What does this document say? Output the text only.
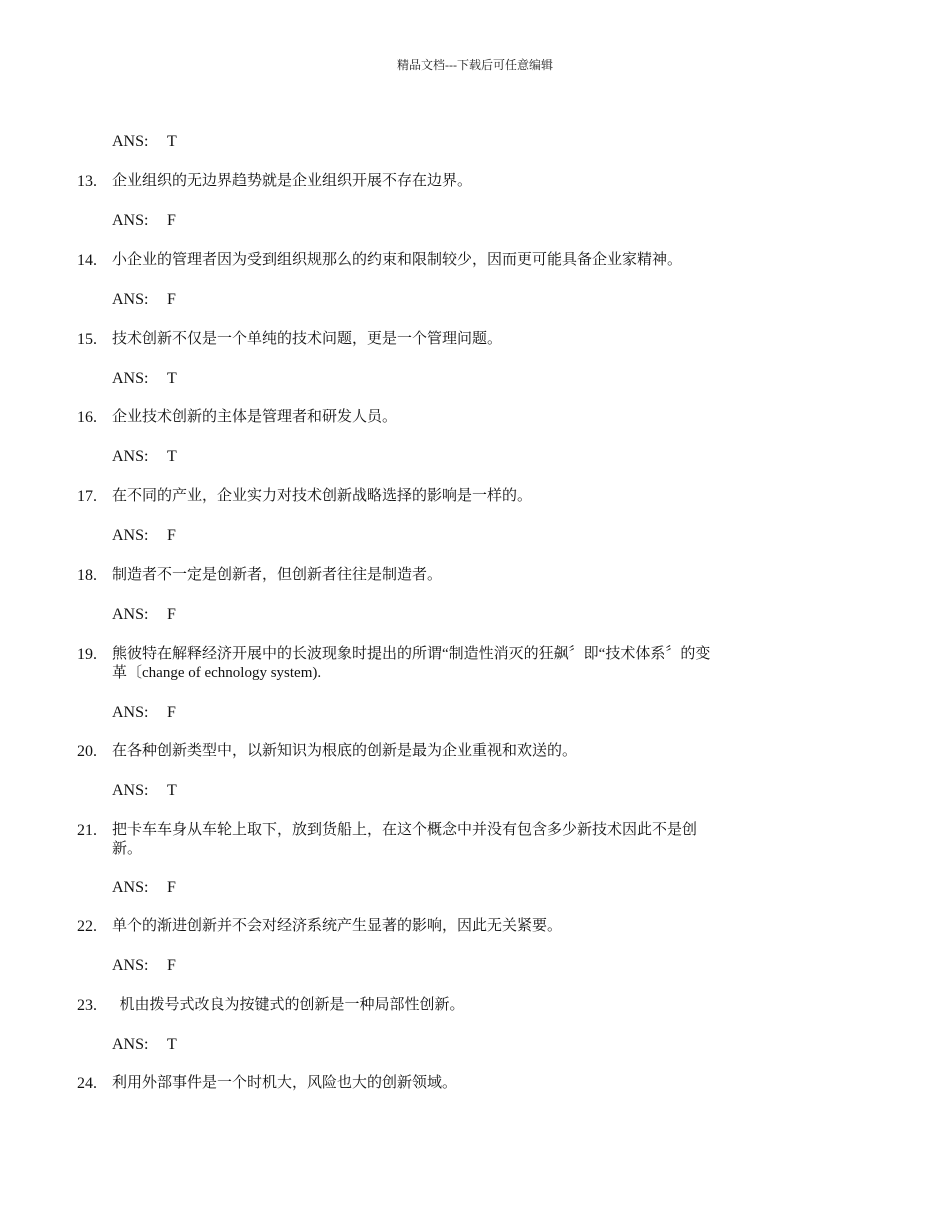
精品文档---下载后可任意编辑
ANS: T
13.	企业组织的无边界趋势就是企业组织开展不存在边界。
ANS: F
14.	小企业的管理者因为受到组织规那么的约束和限制较少，因而更可能具备企业家精神。
ANS: F
15.	技术创新不仅是一个单纯的技术问题，更是一个管理问题。
ANS: T
16.	企业技术创新的主体是管理者和研发人员。
ANS: T
17.	在不同的产业，企业实力对技术创新战略选择的影响是一样的。
ANS: F
18.	制造者不一定是创新者，但创新者往往是制造者。
ANS: F
19.	熊彼特在解释经济开展中的长波现象时提出的所谓“制造性消灭的狂飙〞即“技术体系〞的变革〔change of echnology system).
ANS: F
20.	在各种创新类型中，以新知识为根底的创新是最为企业重视和欢送的。
ANS: T
21.	把卡车车身从车轮上取下，放到货船上，在这个概念中并没有包含多少新技术因此不是创新。
ANS: F
22.	单个的渐进创新并不会对经济系统产生显著的影响，因此无关紧要。
ANS: F
23.	机由拨号式改良为按键式的创新是一种局部性创新。
ANS: T
24.	利用外部事件是一个时机大，风险也大的创新领域。
